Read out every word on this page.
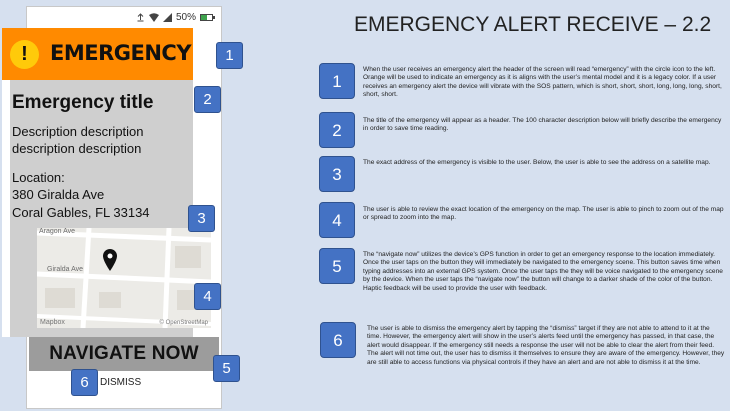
EMERGENCY ALERT RECEIVE – 2.2
50%
!	EMERGENCY
Emergency title
Description description description description
Location:
380 Giralda Ave
Coral Gables, FL 33134
Aragon Ave
Giralda Ave
Mapbox	© OpenStreetMap
NAVIGATE NOW
DISMISS
1
2
3
4
5
6
1
When the user receives an emergency alert the header of the screen will read “emergency” with the circle icon to the left. Orange will be used to indicate an emergency as it is aligns with the user’s mental model and it is a legacy color. If a user receives an emergency alert the device will vibrate with the SOS pattern, which is short, short, short, long, long, long, short, short, short.
2
The title of the emergency will appear as a header. The 100 character description below will briefly describe the emergency in order to save time reading.
3
The exact address of the emergency is visible to the user. Below, the user is able to see the address on a satellite map.
4
The user is able to review the exact location of the emergency on the map. The user is able to pinch to zoom out of the map or spread to zoom into the map.
5
The “navigate now” utilizes the device’s GPS function in order to get an emergency response to the location immediately. Once the user taps on the button they will immediately be navigated to the emergency scene. This button saves time when typing addresses into an external GPS system. Once the user taps the they will be voice navigated to the emergency scene by the device. When the user taps the “navigate now” the button will change to a darker shade of the color of the button. Haptic feedback will be used to provide the user with feedback.
6
The user is able to dismiss the emergency alert by tapping the “dismiss” target if they are not able to attend to it at the time. However, the emergency alert will show in the user’s alerts feed until the emergency has passed, in that case, the alert would disappear. If the emergency still needs a response the user will not be able to clear the alert from their feed. The alert will not time out, the user has to dismiss it themselves to ensure they are aware of the emergency. However, they are still able to access functions via physical controls if they have an alert and are not able to dismiss it at the time.
